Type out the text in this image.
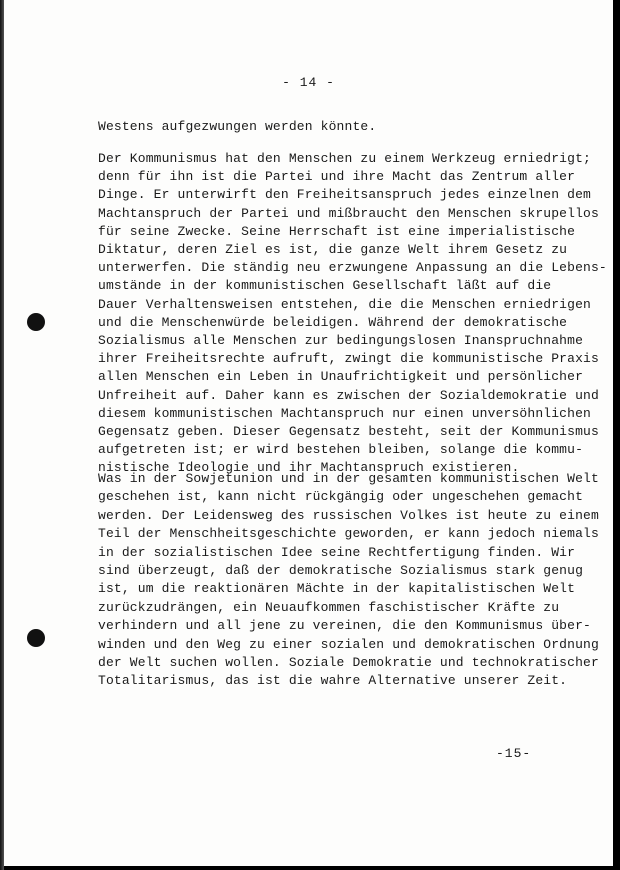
- 14 -
Westens aufgezwungen werden könnte.
Der Kommunismus hat den Menschen zu einem Werkzeug erniedrigt;
denn für ihn ist die Partei und ihre Macht das Zentrum aller
Dinge. Er unterwirft den Freiheitsanspruch jedes einzelnen dem
Machtanspruch der Partei und mißbraucht den Menschen skrupellos
für seine Zwecke. Seine Herrschaft ist eine imperialistische
Diktatur, deren Ziel es ist, die ganze Welt ihrem Gesetz zu
unterwerfen. Die ständig neu erzwungene Anpassung an die Lebens-
umstände in der kommunistischen Gesellschaft läßt auf die
Dauer Verhaltensweisen entstehen, die die Menschen erniedrigen
und die Menschenwürde beleidigen. Während der demokratische
Sozialismus alle Menschen zur bedingungslosen Inanspruchnahme
ihrer Freiheitsrechte aufruft, zwingt die kommunistische Praxis
allen Menschen ein Leben in Unaufrichtigkeit und persönlicher
Unfreiheit auf. Daher kann es zwischen der Sozialdemokratie und
diesem kommunistischen Machtanspruch nur einen unversöhnlichen
Gegensatz geben. Dieser Gegensatz besteht, seit der Kommunismus
aufgetreten ist; er wird bestehen bleiben, solange die kommu-
nistische Ideologie und ihr Machtanspruch existieren.
Was in der Sowjetunion und in der gesamten kommunistischen Welt
geschehen ist, kann nicht rückgängig oder ungeschehen gemacht
werden. Der Leidensweg des russischen Volkes ist heute zu einem
Teil der Menschheitsgeschichte geworden, er kann jedoch niemals
in der sozialistischen Idee seine Rechtfertigung finden. Wir
sind überzeugt, daß der demokratische Sozialismus stark genug
ist, um die reaktionären Mächte in der kapitalistischen Welt
zurückzudrängen, ein Neuaufkommen faschistischer Kräfte zu
verhindern und all jene zu vereinen, die den Kommunismus über-
winden und den Weg zu einer sozialen und demokratischen Ordnung
der Welt suchen wollen. Soziale Demokratie und technokratischer
Totalitarismus, das ist die wahre Alternative unserer Zeit.
-15-
